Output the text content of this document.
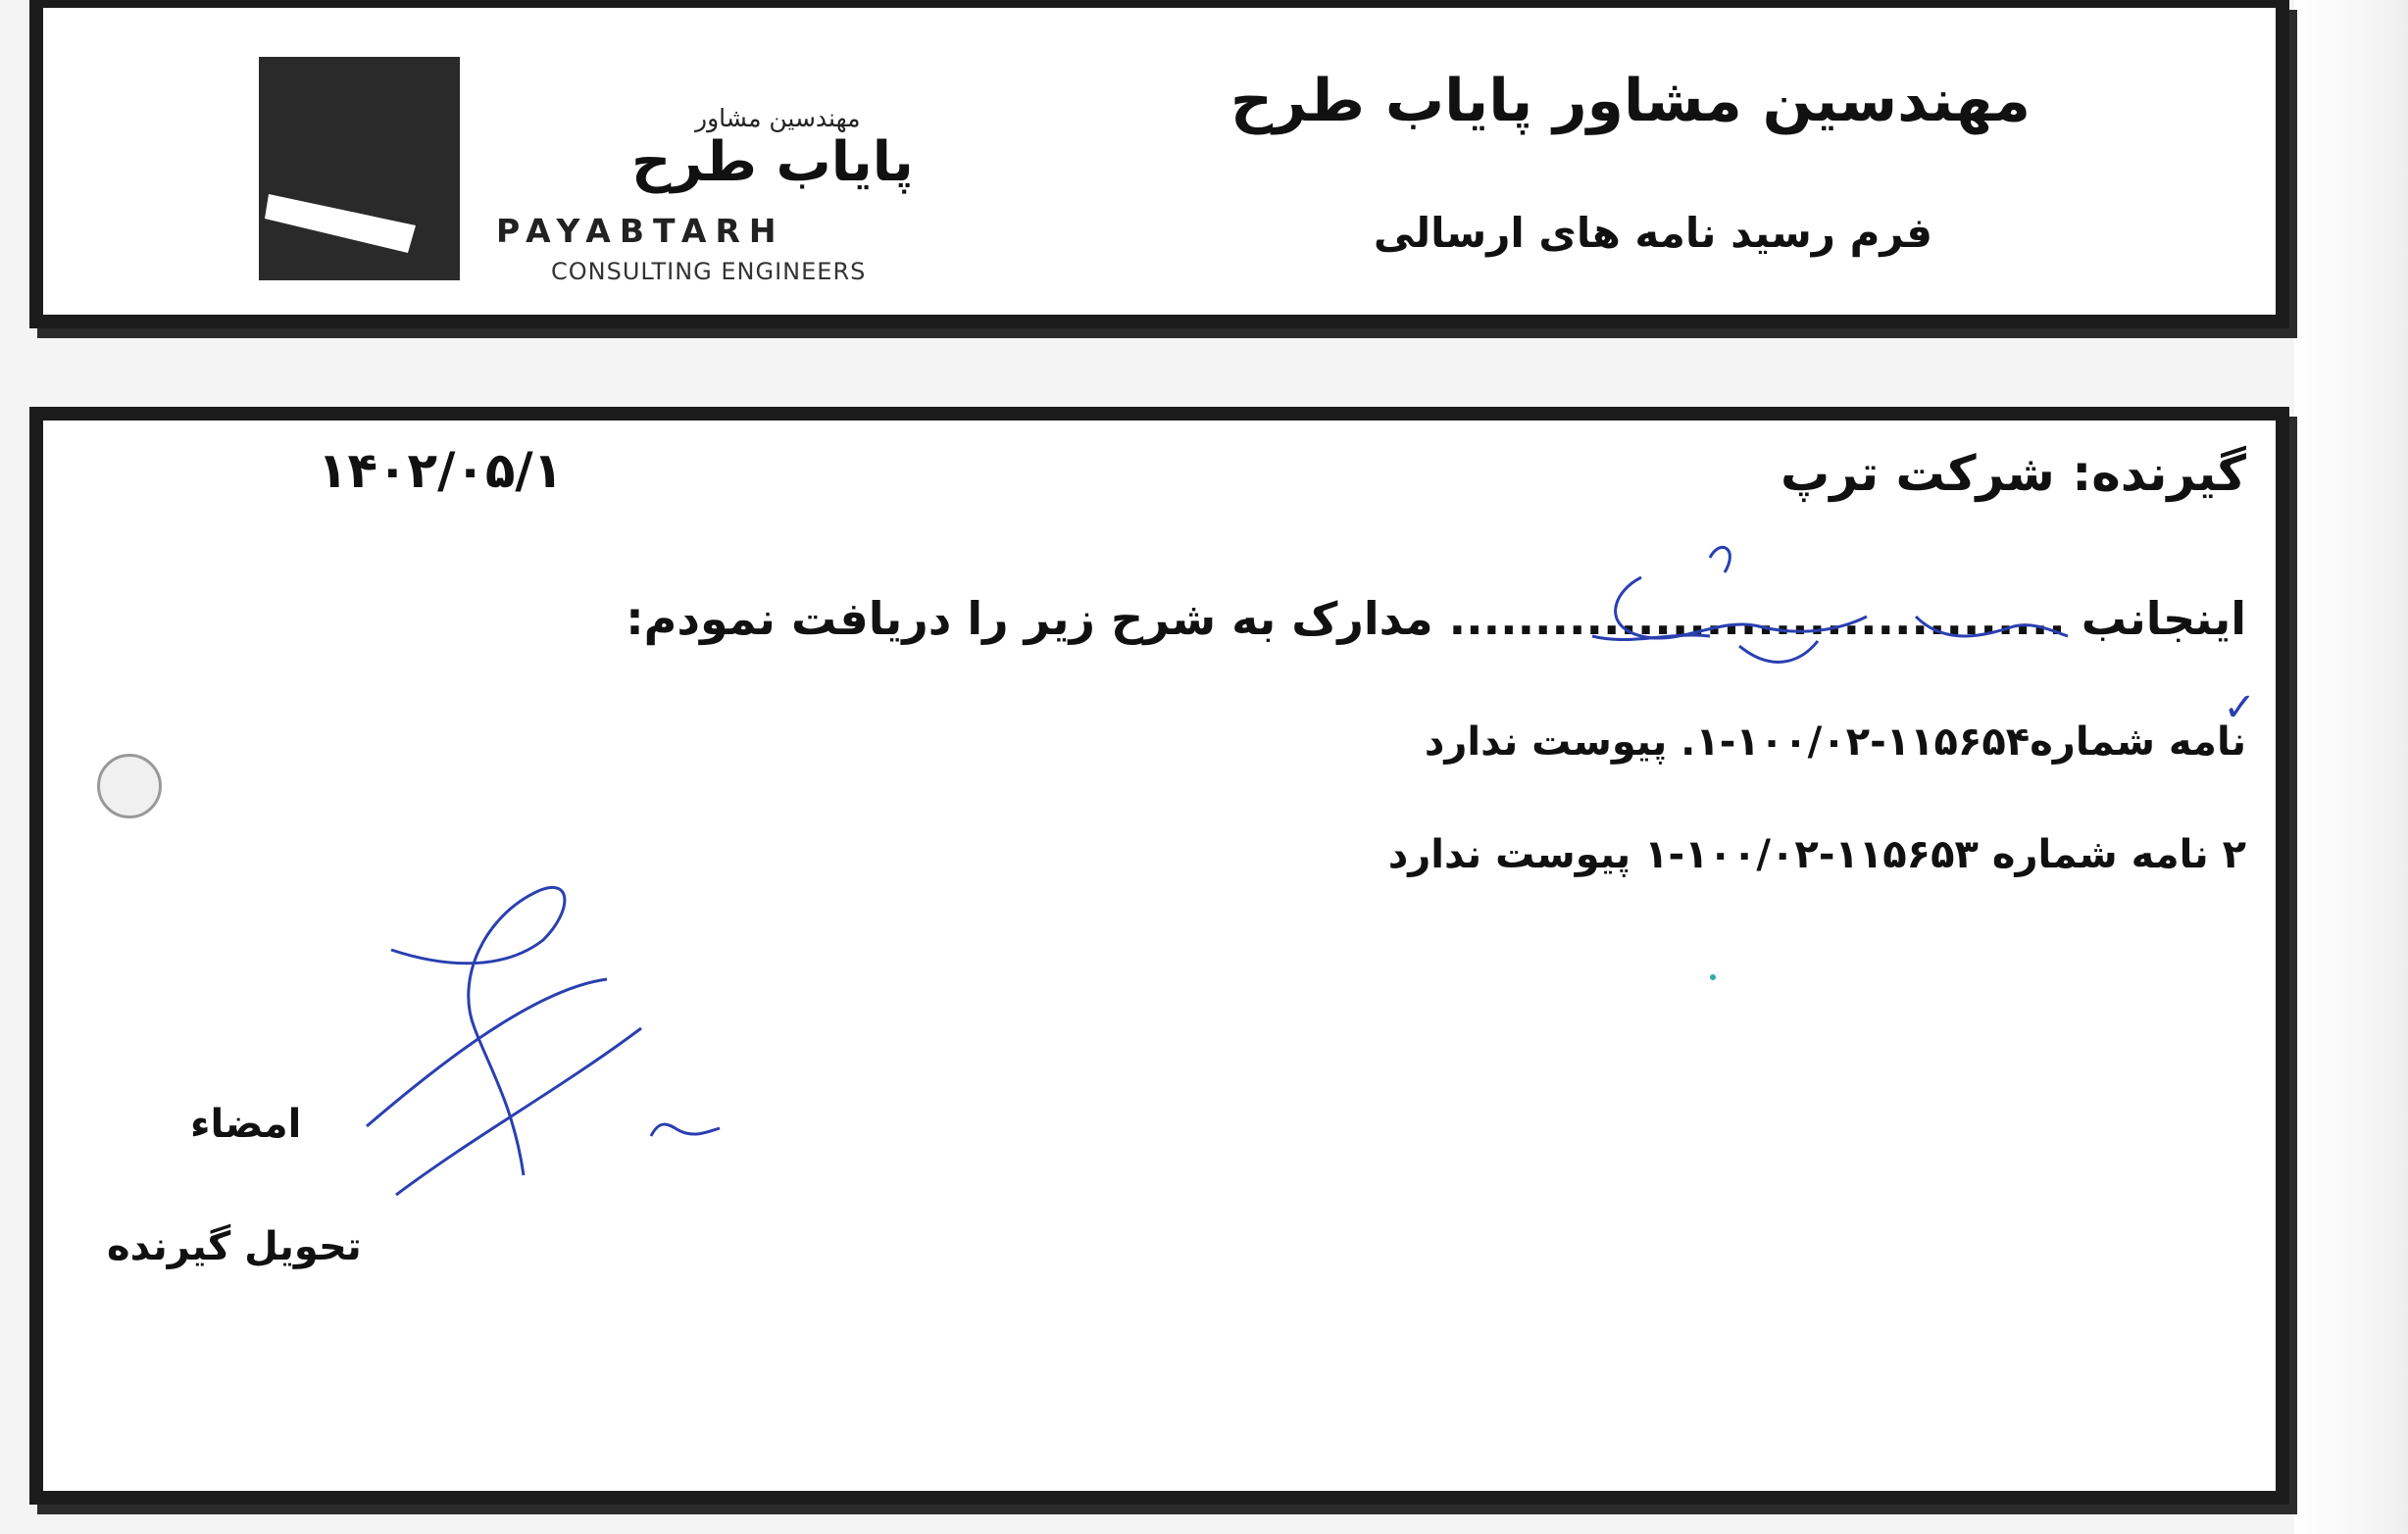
مهندسین مشاور
پایاب طرح
PAYABTARH
CONSULTING ENGINEERS
مهندسین مشاور پایاب طرح
فرم رسید نامه های ارسالی
گیرنده: شرکت ترپ
۱۴۰۲/۰۵/۱
اینجانب .................................... مدارک به شرح زیر را دریافت نمودم:
✓
نامه شماره۱۱۵۶۵۴-۱۰۰/۰۲-۱. پیوست ندارد
۲ نامه شماره ۱۱۵۶۵۳-۱۰۰/۰۲-۱ پیوست ندارد
امضاء
تحویل گیرنده
